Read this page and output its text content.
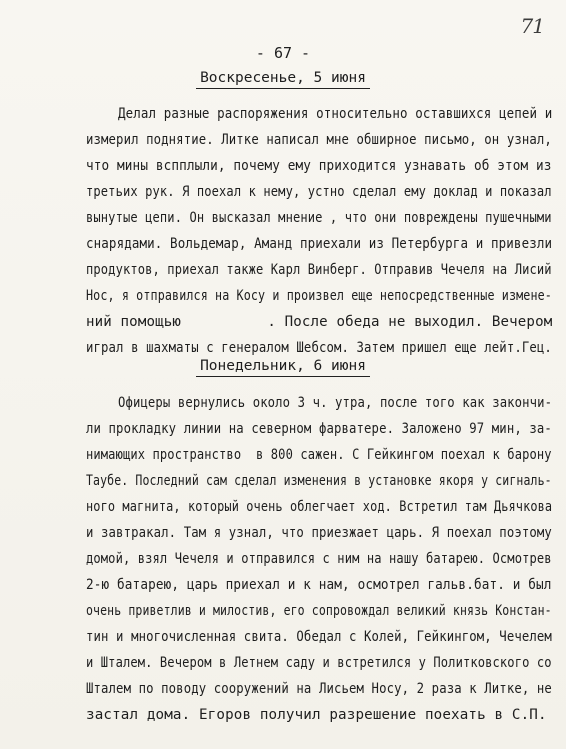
71
- 67 -
Воскресенье, 5 июня
Делал разные распоряжения относительно оставшихся цепей и
измерил поднятие. Литке написал мне обширное письмо, он узнал,
что мины вспплыли, почему ему приходится узнавать об этом из
третьих рук. Я поехал к нему, устно сделал ему доклад и показал
вынутые цепи. Он высказал мнение , что они повреждены пушечными
снарядами. Вольдемар, Аманд приехали из Петербурга и привезли
продуктов, приехал также Карл Винберг. Отправив Чечеля на Лисий
Нос, я отправился на Косу и произвел еще непосредственные измене-
ний помощью          . После обеда не выходил. Вечером
играл в шахматы с генералом Шебсом. Затем пришел еще лейт.Гец.
Понедельник, 6 июня
Офицеры вернулись около 3 ч. утра, после того как закончи-
ли прокладку линии на северном фарватере. Заложено 97 мин, за-
нимающих пространство  в 800 сажен. С Гейкингом поехал к барону
Таубе. Последний сам сделал изменения в установке якоря у сигналь-
ного магнита, который очень облегчает ход. Встретил там Дьячкова
и завтракал. Там я узнал, что приезжает царь. Я поехал поэтому
домой, взял Чечеля и отправился с ним на нашу батарею. Осмотрев
2-ю батарею, царь приехал и к нам, осмотрел гальв.бат. и был
очень приветлив и милостив, его сопровождал великий князь Констан-
тин и многочисленная свита. Обедал с Колей, Гейкингом, Чечелем
и Шталем. Вечером в Летнем саду и встретился у Политковского со
Шталем по поводу сооружений на Лисьем Носу, 2 раза к Литке, не
застал дома. Егоров получил разрешение поехать в С.П.
